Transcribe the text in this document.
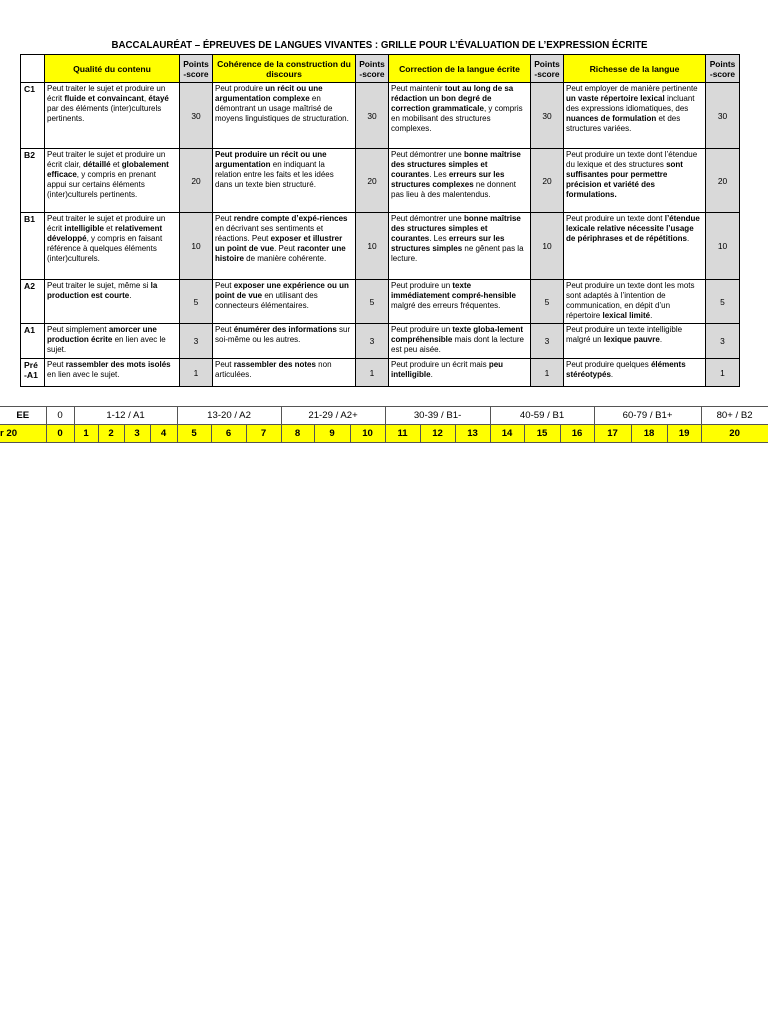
BACCALAURÉAT – ÉPREUVES DE LANGUES VIVANTES : GRILLE POUR L’ÉVALUATION DE L’EXPRESSION ÉCRITE
	Qualité du contenu	Points -score	Cohérence de la construction du discours	Points -score	Correction de la langue écrite	Points -score	Richesse de la langue	Points -score
C1	Peut traiter le sujet et produire un écrit fluide et convaincant, étayé par des éléments (inter)culturels pertinents.	30	Peut produire un récit ou une argumentation complexe en démontrant un usage maîtrisé de moyens linguistiques de structuration.	30	Peut maintenir tout au long de sa rédaction un bon degré de correction grammaticale, y compris en mobilisant des structures complexes.	30	Peut employer de manière pertinente un vaste répertoire lexical incluant des expressions idiomatiques, des nuances de formulation et des structures variées.	30
B2	Peut traiter le sujet et produire un écrit clair, détaillé et globalement efficace, y compris en prenant appui sur certains éléments (inter)culturels pertinents.	20	Peut produire un récit ou une argumentation en indiquant la relation entre les faits et les idées dans un texte bien structuré.	20	Peut démontrer une bonne maîtrise des structures simples et courantes. Les erreurs sur les structures complexes ne donnent pas lieu à des malentendus.	20	Peut produire un texte dont l’étendue du lexique et des structures sont suffisantes pour permettre précision et variété des formulations.	20
B1	Peut traiter le sujet et produire un écrit intelligible et relativement développé, y compris en faisant référence à quelques éléments (inter)culturels.	10	Peut rendre compte d’expé-riences en décrivant ses sentiments et réactions. Peut exposer et illustrer un point de vue. Peut raconter une histoire de manière cohérente.	10	Peut démontrer une bonne maîtrise des structures simples et courantes. Les erreurs sur les structures simples ne gênent pas la lecture.	10	Peut produire un texte dont l’étendue lexicale relative nécessite l’usage de périphrases et de répétitions.	10
A2	Peut traiter le sujet, même si la production est courte.	5	Peut exposer une expérience ou un point de vue en utilisant des connecteurs élémentaires.	5	Peut produire un texte immédiatement compré-hensible malgré des erreurs fréquentes.	5	Peut produire un texte dont les mots sont adaptés à l’intention de communication, en dépit d’un répertoire lexical limité.	5
A1	Peut simplement amorcer une production écrite en lien avec le sujet.	3	Peut énumérer des informations sur soi-même ou les autres.	3	Peut produire un texte globa-lement compréhensible mais dont la lecture est peu aisée.	3	Peut produire un texte intelligible malgré un lexique pauvre.	3
Pré -A1	Peut rassembler des mots isolés en lien avec le sujet.	1	Peut rassembler des notes non articulées.	1	Peut produire un écrit mais peu intelligible.	1	Peut produire quelques éléments stéréotypés.	1
EE	0	1-12 / A1				13-20 / A2			21-29 / A2+			30-39 / B1-			40-59 / B1			60-79 / B1+			80+ / B2
r 20	0	1	2	3	4	5	6	7	8	9	10	11	12	13	14	15	16	17	18	19	20
